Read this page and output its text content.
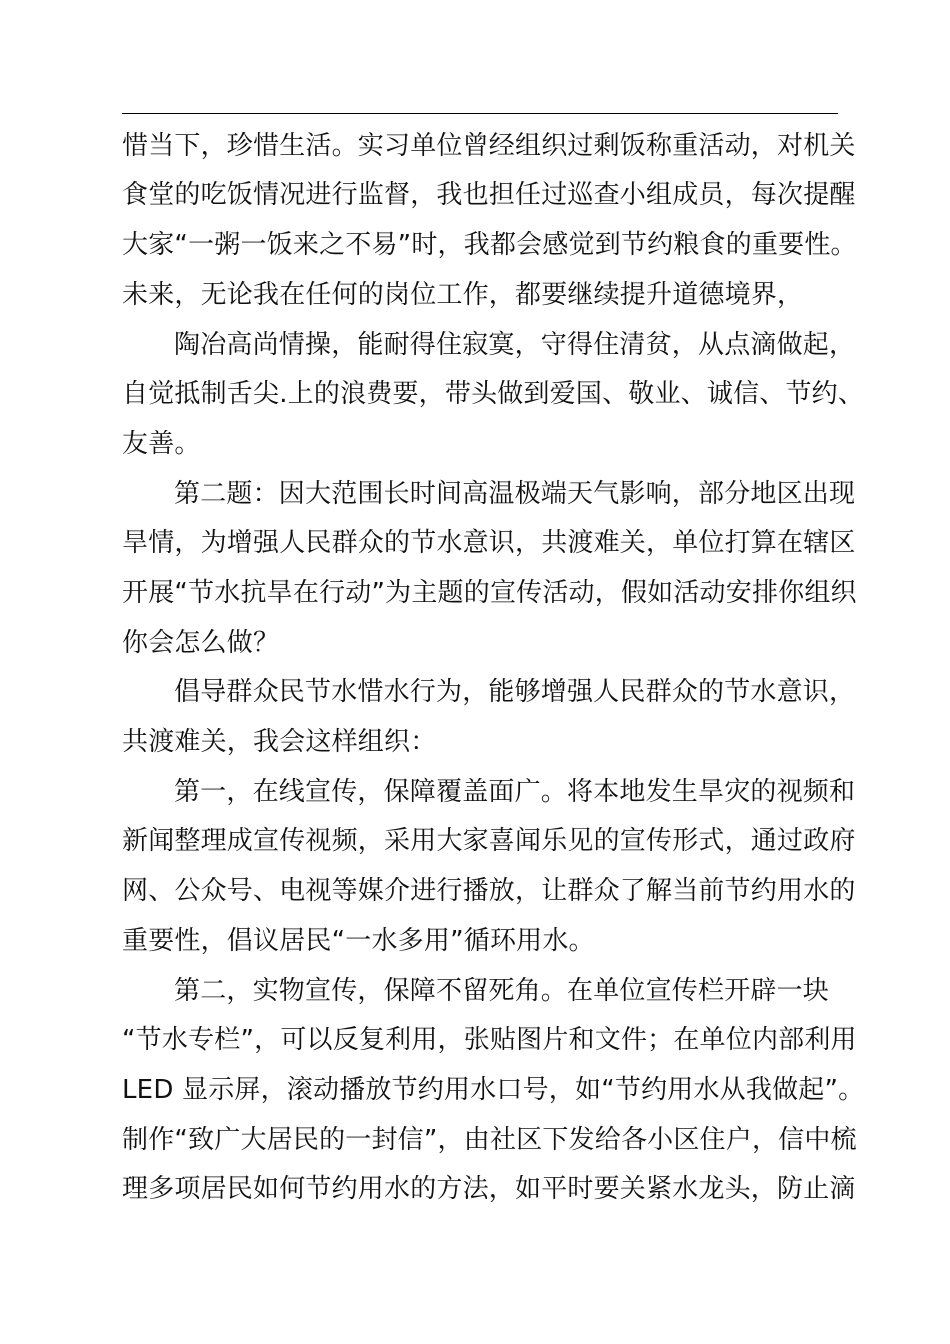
惜当下，珍惜生活。实习单位曾经组织过剩饭称重活动，对机关
食堂的吃饭情况进行监督，我也担任过巡查小组成员，每次提醒
大家“一粥一饭来之不易”时，我都会感觉到节约粮食的重要性。
未来，无论我在任何的岗位工作，都要继续提升道德境界，
陶冶高尚情操，能耐得住寂寞，守得住清贫，从点滴做起，
自觉抵制舌尖.上的浪费要，带头做到爱国、敬业、诚信、节约、
友善。
第二题：因大范围长时间高温极端天气影响，部分地区出现
旱情，为增强人民群众的节水意识，共渡难关，单位打算在辖区
开展“节水抗旱在行动”为主题的宣传活动，假如活动安排你组织
你会怎么做？
倡导群众民节水惜水行为，能够增强人民群众的节水意识，
共渡难关，我会这样组织：
第一，在线宣传，保障覆盖面广。将本地发生旱灾的视频和
新闻整理成宣传视频，采用大家喜闻乐见的宣传形式，通过政府
网、公众号、电视等媒介进行播放，让群众了解当前节约用水的
重要性，倡议居民“一水多用”循环用水。
第二，实物宣传，保障不留死角。在单位宣传栏开辟一块
“节水专栏”，可以反复利用，张贴图片和文件；在单位内部利用
LED 显示屏，滚动播放节约用水口号，如“节约用水从我做起”。
制作“致广大居民的一封信”，由社区下发给各小区住户，信中梳
理多项居民如何节约用水的方法，如平时要关紧水龙头，防止滴
